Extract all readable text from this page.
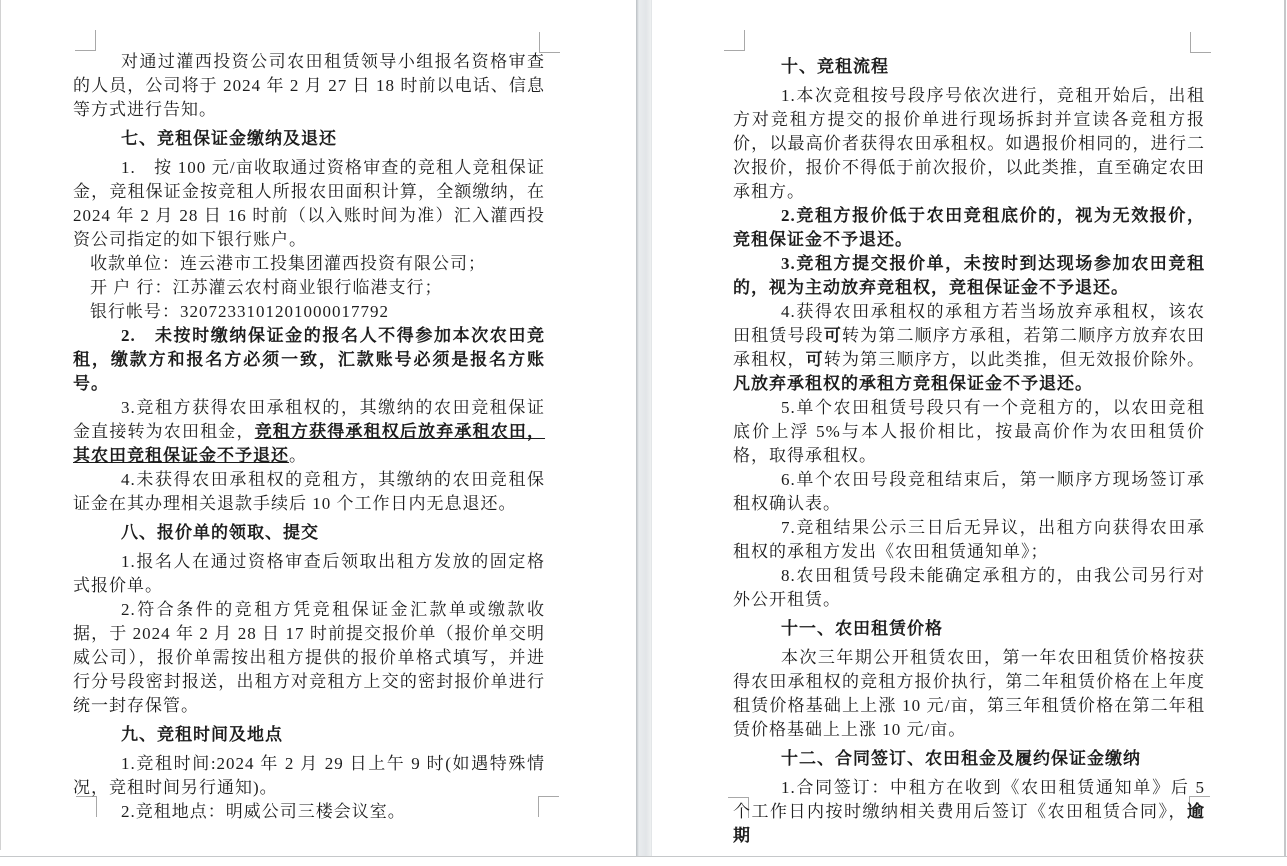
对通过灌西投资公司农田租赁领导小组报名资格审查的人员，公司将于 2024 年 2 月 27 日 18 时前以电话、信息等方式进行告知。

七、竞租保证金缴纳及退还

1.　按 100 元/亩收取通过资格审查的竞租人竞租保证金，竞租保证金按竞租人所报农田面积计算，全额缴纳，在 2024 年 2 月 28 日 16 时前（以入账时间为准）汇入灌西投资公司指定的如下银行账户。

收款单位：连云港市工投集团灌西投资有限公司；

开 户 行：江苏灌云农村商业银行临港支行；

银行帐号：3207233101201000017792

2.　未按时缴纳保证金的报名人不得参加本次农田竞租，缴款方和报名方必须一致，汇款账号必须是报名方账号。

3.竞租方获得农田承租权的，其缴纳的农田竞租保证金直接转为农田租金，竞租方获得承租权后放弃承租农田，其农田竞租保证金不予退还。

4.未获得农田承租权的竞租方，其缴纳的农田竞租保证金在其办理相关退款手续后 10 个工作日内无息退还。

八、报价单的领取、提交

1.报名人在通过资格审查后领取出租方发放的固定格式报价单。

2.符合条件的竞租方凭竞租保证金汇款单或缴款收据，于 2024 年 2 月 28 日 17 时前提交报价单（报价单交明威公司），报价单需按出租方提供的报价单格式填写，并进行分号段密封报送，出租方对竞租方上交的密封报价单进行统一封存保管。

九、竞租时间及地点

1.竞租时间:2024 年 2 月 29 日上午 9 时(如遇特殊情况，竞租时间另行通知)。

2.竞租地点：明威公司三楼会议室。

十、竞租流程

1.本次竞租按号段序号依次进行，竞租开始后，出租方对竞租方提交的报价单进行现场拆封并宣读各竞租方报价，以最高价者获得农田承租权。如遇报价相同的，进行二次报价，报价不得低于前次报价，以此类推，直至确定农田承租方。

2.竞租方报价低于农田竞租底价的，视为无效报价，竞租保证金不予退还。

3.竞租方提交报价单，未按时到达现场参加农田竞租的，视为主动放弃竞租权，竞租保证金不予退还。

4.获得农田承租权的承租方若当场放弃承租权，该农田租赁号段可转为第二顺序方承租，若第二顺序方放弃农田承租权，可转为第三顺序方，以此类推，但无效报价除外。凡放弃承租权的承租方竞租保证金不予退还。

5.单个农田租赁号段只有一个竞租方的，以农田竞租底价上浮 5%与本人报价相比，按最高价作为农田租赁价格，取得承租权。

6.单个农田号段竞租结束后，第一顺序方现场签订承租权确认表。

7.竞租结果公示三日后无异议，出租方向获得农田承租权的承租方发出《农田租赁通知单》；

8.农田租赁号段未能确定承租方的，由我公司另行对外公开租赁。

十一、农田租赁价格

本次三年期公开租赁农田，第一年农田租赁价格按获得农田承租权的竞租方报价执行，第二年租赁价格在上年度租赁价格基础上上涨 10 元/亩，第三年租赁价格在第二年租赁价格基础上上涨 10 元/亩。

十二、合同签订、农田租金及履约保证金缴纳

1.合同签订：中租方在收到《农田租赁通知单》后 5 个工作日内按时缴纳相关费用后签订《农田租赁合同》，逾期
